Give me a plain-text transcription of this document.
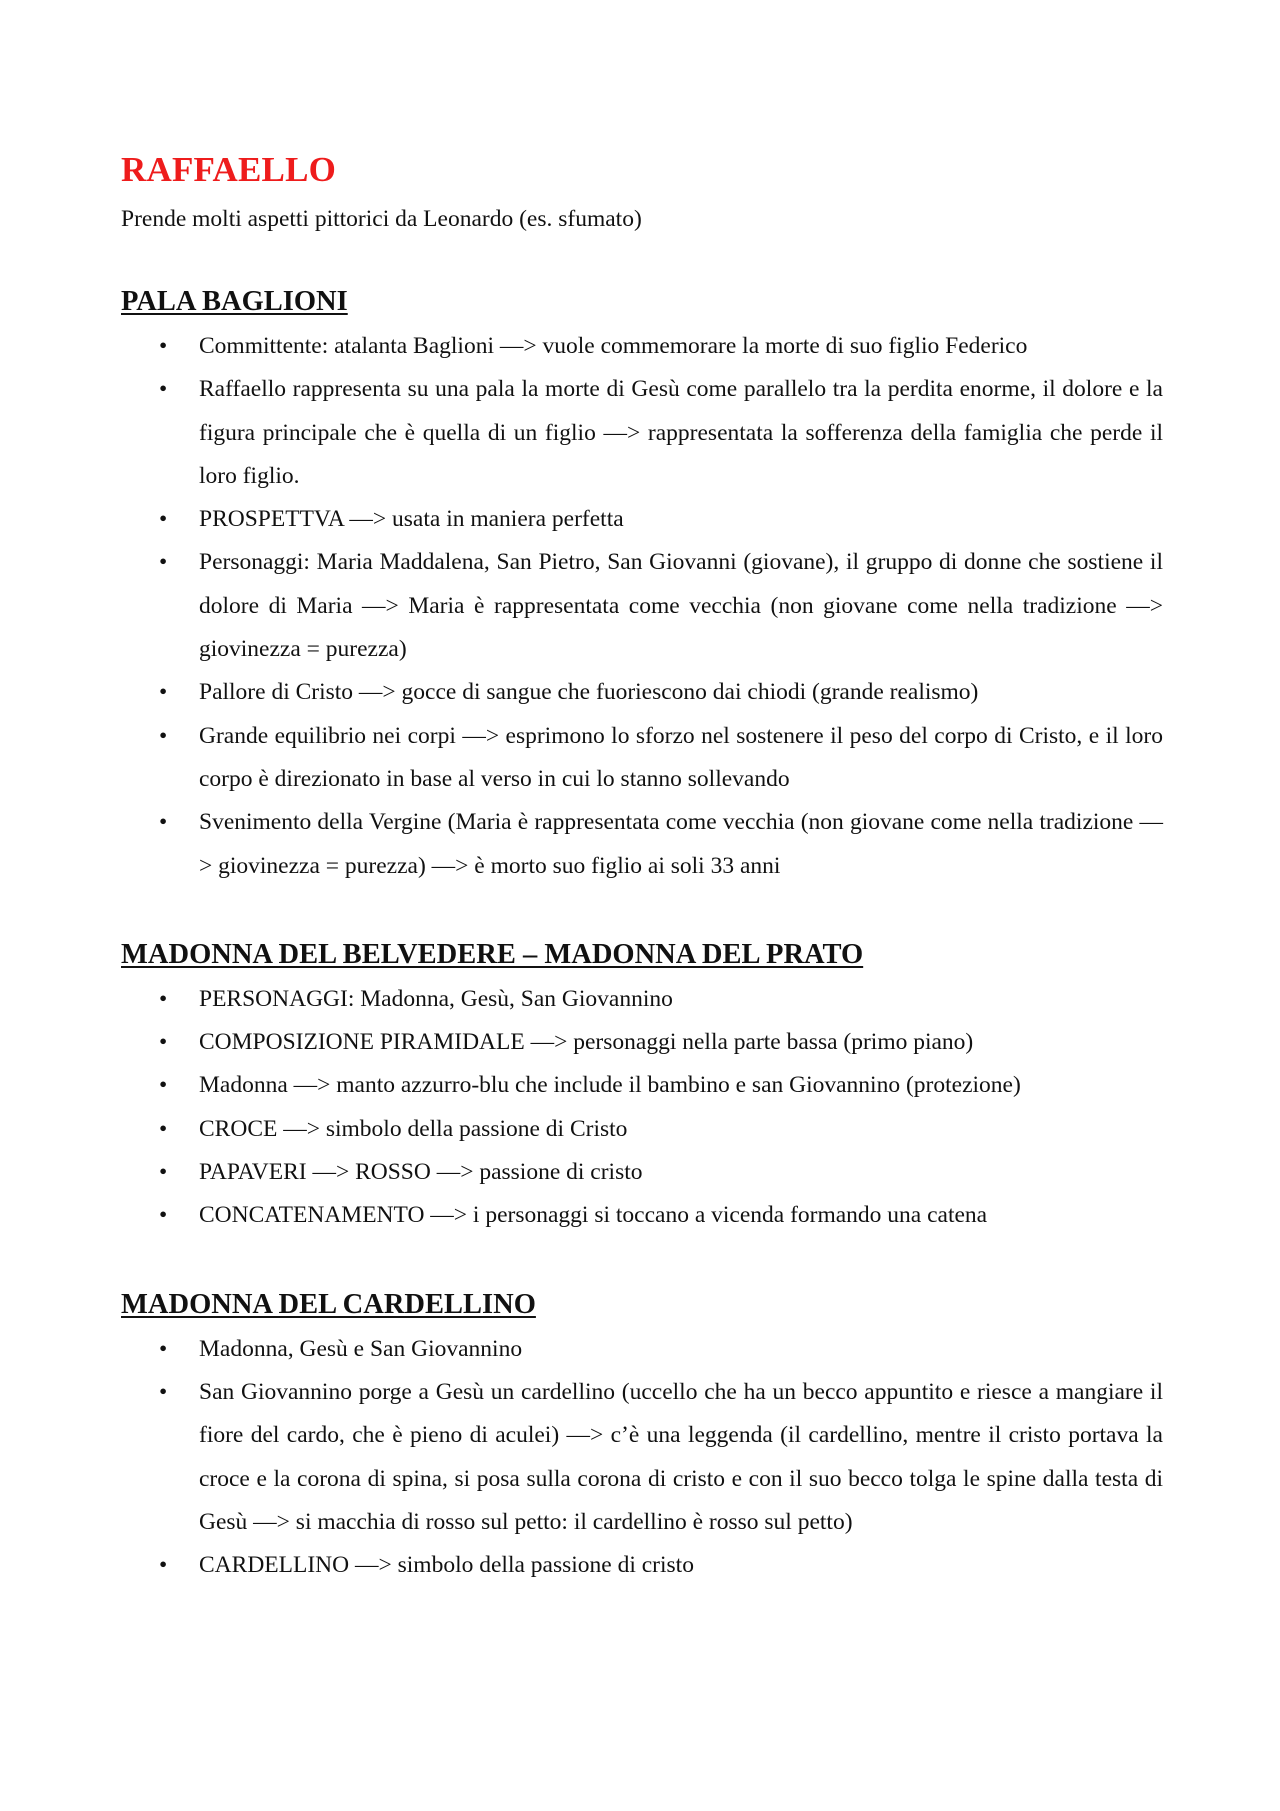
RAFFAELLO

Prende molti aspetti pittorici da Leonardo (es. sfumato)

PALA BAGLIONI
• Committente: atalanta Baglioni —> vuole commemorare la morte di suo figlio Federico
• Raffaello rappresenta su una pala la morte di Gesù come parallelo tra la perdita enorme, il dolore e la figura principale che è quella di un figlio —> rappresentata la sofferenza della famiglia che perde il loro figlio.
• PROSPETTVA —> usata in maniera perfetta
• Personaggi: Maria Maddalena, San Pietro, San Giovanni (giovane), il gruppo di donne che sostiene il dolore di Maria —> Maria è rappresentata come vecchia (non giovane come nella tradizione —> giovinezza = purezza)
• Pallore di Cristo —> gocce di sangue che fuoriescono dai chiodi (grande realismo)
• Grande equilibrio nei corpi —> esprimono lo sforzo nel sostenere il peso del corpo di Cristo, e il loro corpo è direzionato in base al verso in cui lo stanno sollevando
• Svenimento della Vergine (Maria è rappresentata come vecchia (non giovane come nella tradizione —> giovinezza = purezza) —> è morto suo figlio ai soli 33 anni
MADONNA DEL BELVEDERE – MADONNA DEL PRATO
• PERSONAGGI: Madonna, Gesù, San Giovannino
• COMPOSIZIONE PIRAMIDALE —> personaggi nella parte bassa (primo piano)
• Madonna —> manto azzurro-blu che include il bambino e san Giovannino (protezione)
• CROCE —> simbolo della passione di Cristo
• PAPAVERI —> ROSSO —> passione di cristo
• CONCATENAMENTO —> i personaggi si toccano a vicenda formando una catena
MADONNA DEL CARDELLINO
• Madonna, Gesù e San Giovannino
• San Giovannino porge a Gesù un cardellino (uccello che ha un becco appuntito e riesce a mangiare il fiore del cardo, che è pieno di aculei) —> c’è una leggenda (il cardellino, mentre il cristo portava la croce e la corona di spina, si posa sulla corona di cristo e con il suo becco tolga le spine dalla testa di Gesù —> si macchia di rosso sul petto: il cardellino è rosso sul petto)
• CARDELLINO —> simbolo della passione di cristo
